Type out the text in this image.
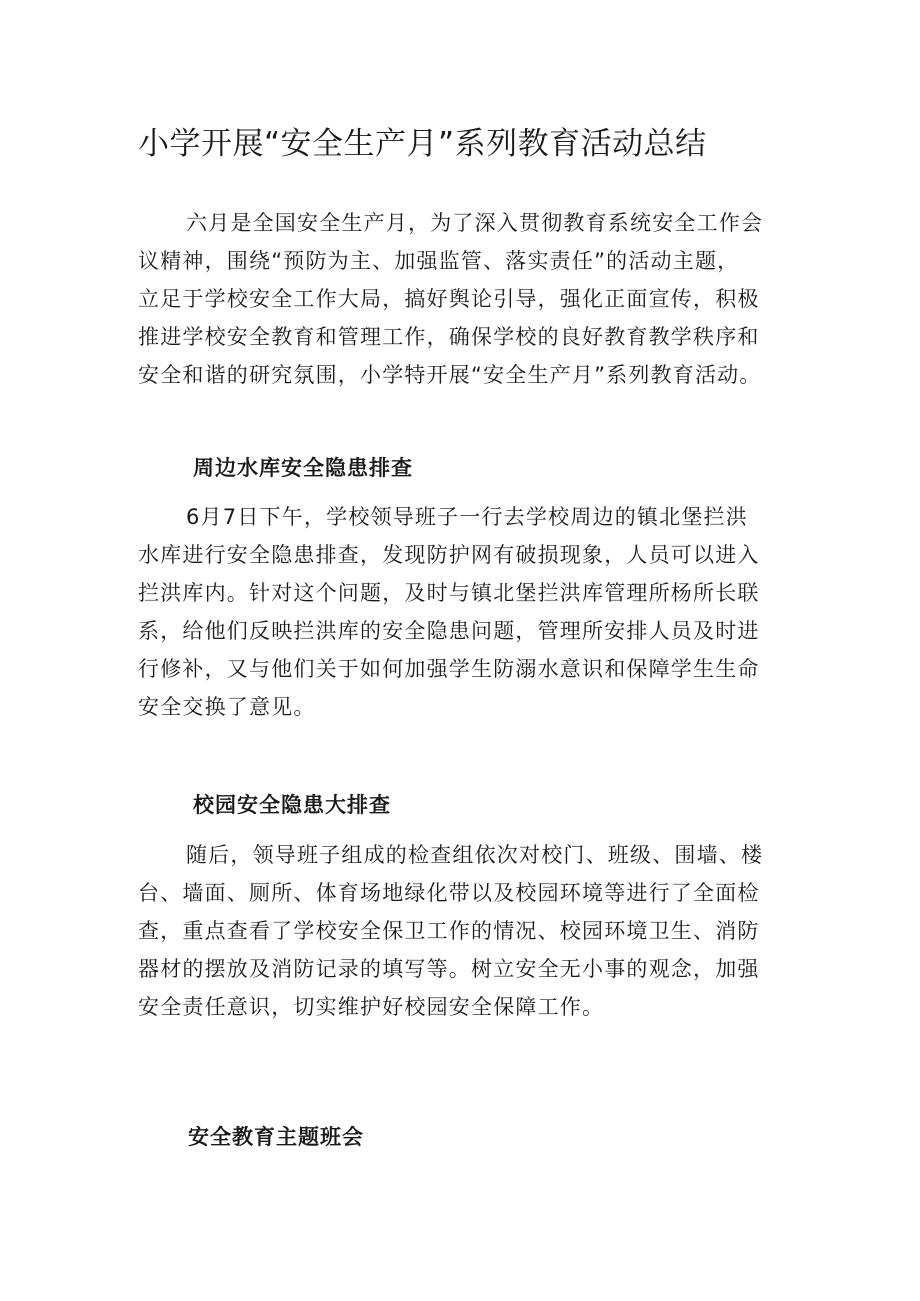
小学开展“安全生产月”系列教育活动总结
六月是全国安全生产月，为了深入贯彻教育系统安全工作会
议精神，围绕“预防为主、加强监管、落实责任”的活动主题，
立足于学校安全工作大局，搞好舆论引导，强化正面宣传，积极
推进学校安全教育和管理工作，确保学校的良好教育教学秩序和
安全和谐的研究氛围，小学特开展“安全生产月”系列教育活动。
周边水库安全隐患排查
6月7日下午，学校领导班子一行去学校周边的镇北堡拦洪
水库进行安全隐患排查，发现防护网有破损现象，人员可以进入
拦洪库内。针对这个问题，及时与镇北堡拦洪库管理所杨所长联
系，给他们反映拦洪库的安全隐患问题，管理所安排人员及时进
行修补，又与他们关于如何加强学生防溺水意识和保障学生生命
安全交换了意见。
校园安全隐患大排查
随后，领导班子组成的检查组依次对校门、班级、围墙、楼
台、墙面、厕所、体育场地绿化带以及校园环境等进行了全面检
查，重点查看了学校安全保卫工作的情况、校园环境卫生、消防
器材的摆放及消防记录的填写等。树立安全无小事的观念，加强
安全责任意识，切实维护好校园安全保障工作。
安全教育主题班会
